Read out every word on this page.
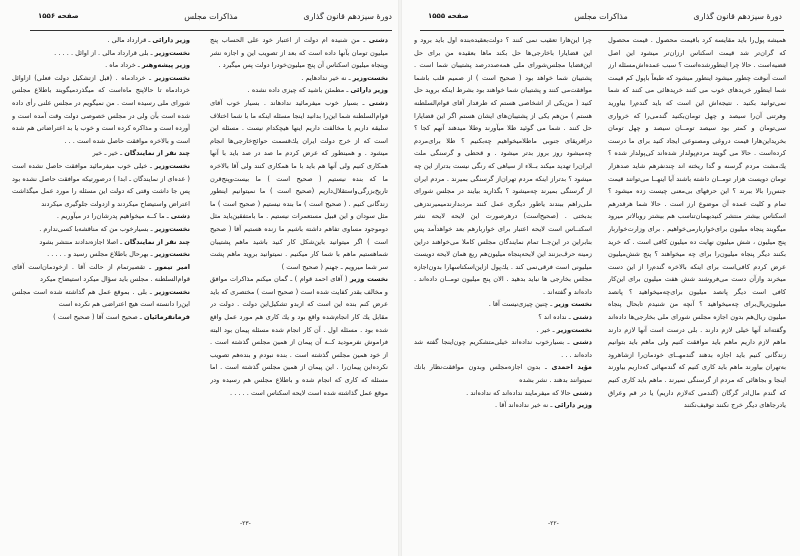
دورهٔ سیزدهم قانون گذاری
مذاکرات مجلس
صفحه ۱۵۵۶

دشتی ـ من شنیده ام دولت از اعتبار خود علی الحساب پنج میلیون تومان بآنها داده است که بعد از تصویب این و اجازه نشر وپنجاه میلیون اسکناس آن پنج میلیون‌خودرا دولت پس میگیرد .

نخست‌وزیر ـ نه خیر ندادهایم .

وزیر دارائی ـ مطمئن باشید که چیزی داده نشده .

دشتی ـ بسیار خوب میفرمائید ندادهاند . بسیار خوب آقای قوام‌السلطنه شما این‌را بدانید اینجا مسئله اینکه ما با شما اختلاف سلیقه داریم یا مخالفت داریم اینها هیچکدام نیست . مسئله این است که از خرج دولت ایران یك‌قسمت حوائج‌خارجی‌ها انجام میشود . و همینطور که عرض کردم ما صد در صد باید با آنها همکاری کنیم ولی آنها هم باید با ما همکاری کنند ولی آقا بالاخره ما که بنده نیستیم ( صحیح است ) ما بیست‌وپنج‌قرن تاریخ‌بزرگی‌واستقلال‌داریم (صحیح است ) ما نمیتوانیم اینطور زندگانی کنیم . ( صحیح است ) ما بنده نیستیم ( صحیح است ) ما مثل سودان و این قبیل مستعمرات نیستیم . ما بامتفقین‌باید مثل دوموجود مساوی تفاهم داشته باشیم ما زنده هستیم آقا ( صحیح است ) اگر میتوانید باین‌شکل کار کنید باشید ماهم پشتیبان شماهستیم ماهم با شما کار میکنیم . نمیتوانید بروید ماهم پشت سر شما میرویم ـ جهنم ( صحیح است )

نخست وزیر ( آقای احمد قوام ) ـ گمان میکنم مذاکرات موافق و مخالف بقدر کفایت شده است ( صحیح است ) مختصری که باید عرض کنم بنده این است که ازبدو تشکیل‌این دولت . دولت در مقابل یك کار انجام‌شده واقع بود و یك کاری هم مورد عمل واقع شده بود . مسئله اول . آن کار انجام شده مسئله پیمان بود البته فراموش نفرمودید کــه آن پیمان از همین مجلس گذشته است . از خود همین مجلس گذشته است . بنده نبودم و بنده‌هم تصویب نکرده‌این پیمان‌را . این پیمان از همین مجلس گذشته است . اما مسئله که کاری که انجام شده و باطلاع مجلس هم رسیده ودر موقع عمل گذاشته شده است لایحه اسکناس است . . . . .

وزیر دارائی ـ قرارداد مالی .

نخست‌وزیر ـ بلی قرارداد مالی . از اوائل . . . . .

وزیر پیشه‌وهنر ـ خرداد ماه .

نخست‌وزیر ـ خردادماه . (قبل ازتشکیل دولت فعلی) ازاوائل خردادماه تا حالاپنج ماه‌است که میگذرد‌میگویند باطلاع مجلس شورای ملی رسیده است . من نمیگویم در مجلس علنی رأی داده شده است بآن ولی در مجلس خصوصی دولت وقت آمده است و آورده است و مذاکره کرده است و خوب یا بد اعتراضاتی هم شده است و بالاخره موافقت حاصل شده است . . .

چند نفر از نمایندگان ـ خیر ـ خیر

نخست‌وزیر ـ خیلی خوب میفرمائید موافقت حاصل نشده است ( عده‌ای از نمایندگان ـ ابدا ) درصورتیکه موافقت حاصل نشده بود پس جا داشت وقتی که دولت این مسئله را مورد عمل میگذاشت اعتراض واستیضاح میکردند و ازدولت جلوگیری میکردند

دشتی ـ ما کــه میخواهیم پدرشان‌را در میآوریم .

نخست‌وزیر ـ بسیارخوب من که مناقشه‌با کسی‌ندارم .

چند نفر از نمایندگان ـ اصلا اجازه‌ندادند منتشر بشود

نخست‌وزیر ـ بهرحال باطلاع مجلس رسید و . . . . .

امیر تیمور ـ تقصیرتمام از حالت آقا . ازخودمان‌است آقای قوام‌السلطنه . مجلس باید سؤال میکرد استیضاح میکرد

نخست‌وزیر ـ بلی . بموقع عمل هم گذاشته شده است مجلس این‌را دانسته است هیچ اعتراضی هم نکرده است

فرمانفرمائیان ـ صحیح است آقا ( صحیح است )

-۲۳-
دورهٔ سیزدهم قانون گذاری
مذاکرات مجلس
صفحه ۱۵۵۵

همیشه پول‌را باید مقایسه کرد باقیمت محصول . قیمت محصول که گران‌تر شد قیمت اسکناس ارزان‌تر میشود این اصل قضیه‌است . حالا چرا اینطورشده‌است ؟ سبب عمده‌اش‌مسئله ارز است آنوقت چطور میشود اینطور میشود که طبعاً باپول کم قیمت شما اینطور خریدهای خوب می کنند خریدهائی می کنند که شما نمی‌توانید بکنید . نتیجه‌اش این است که باید گندم‌را بیاورید وهرتنی آن‌را سیصد و چهل تومان‌بکنید گندمی‌را که خرواری سی‌تومان و کمتر بود سیصد تومــان سیصد و چهل تومان بخرید‌این‌هارا قیمت دروغی ومصنوعی ایجاد کنید برای ما درست کرده‌است . حالا می گویند مردم‌پولدار شده‌اند کی‌پولدار شده ؟ یك‌مشت مردم گرسنه و گدا ریخته اند چندنفرهم شاید صدهزار تومان دویست هزار تومــان داشته باشند آیا اینهــا می‌توانند قیمت جنس‌را بالا ببرند ؟ این حرفهای بی‌معنی چیست زده میشود ؟ تمام و کلیت عمده آن موضوع ارز است . حالا شما هرقدرهم اسکناس بیشتر منتشر کنید‌بهمان‌تناسب هم بیشتر روبالاتر میرود میگویند پنجاه میلیون برای‌خواربارمی‌خواهیم . برای وزارت‌خواربار پنج میلیون ، شش میلیون نهایت ده میلیون کافی است . که خرید بکنند دیگر پنجاه میلیون‌را برای چه میخواهند ؟ پنج شش‌میلیون عرض کردم کافی‌است برای اینکه بالاخره گندم‌را از این دست میخرند واز‌آن دست می‌فروشند شش هفت میلیون برای این‌کار کافی است دیگر پانصد میلیون برای‌چه‌میخواهید ؟ پانصد میلیون‌ریال‌برای چه‌میخواهید ؟ آنچه من شنیدم تابحال پنجاه میلیون ریال‌هم بدون اجازه مجلس شورای ملی بخارجی‌ها داده‌اند وگفته‌اند آنها خیلی لازم دارند . بلی درست است آنها لازم دارند ماهم لازم داریم ماهم باید موافقت کنیم ولی ماهم باید بتوانیم زندگانی کنیم باید اجازه بدهند گندمهــای خودمان‌را ازشاهرود به‌تهران بیاورند ماهم باید کاری کنیم که گندمهائی که‌داریم بیاورند اینجا و بجاهائی که مردم از گرسنگی نمیرند . ماهم باید کاری کنیم که گندم مال‌ادر گرگان (گندمی که‌لازم داریم) یا در قم وعراق یادرجاهای دیگر خرج نکنند توقیف‌نکنند

چرا این‌هارا تعقیب نمی کنند ؟ دولت‌بعقیده‌بنده اول باید برود و این قضایارا باخارجی‌ها حل بکند ماها بعقیده من برای حل این‌قضایا مجلس‌شورای ملی همه‌صددرصد پشتیبان شما است . پشتیبان شما خواهد بود ( صحیح است ) از صمیم قلب باشما موافقت‌می کنند و پشتیبان شما خواهند بود بشرط اینکه بروید حل کنید ( من‌یکی از اشخاصی هستم که طرفدار آقای قوام‌السلطنه هستم ) من‌هم یکی از پشتیبان‌های ایشان هستم اگر این قضایارا حل کنند . شما می گوئید طلا میآورند وطلا میدهند آنهم کجا ؟ درافریقای جنوبی ماطلامیخواهیم چه‌بکنیم ؟ طلا برای‌مردم چه‌میشود روز بروز بدتر میشود . و قحطی و گرسنگی ملت ایران‌را تهدید میکند بــلاء از سیاهی که رنگی نیست بدتراز این چه میشود ؟ بدتراز اینکه مردم تهران‌از گرسنگی بمیرند . مردم ایران از گرسنگی بمیرند چه‌میشود ؟ بگذارید بیایند در مجلس شورای ملی‌راهم ببندند یاطور دیگری عمل کنند مردبدارند‌میمیرند‌زهی بدبختی . (صحیح‌است) درهرصورت این لایحه لایحه نشر اسکنــاس است لایحه اعتبار برای خواربارهم بعد خواهدآمد پس بنابراین در این‌جــا تمام نمایندگان مجلس کاملا می‌خواهند دراین زمینه حرف‌بزنند این لایحه‌پنجاه میلیون‌هم ربع همان لایحه دویست میلیونی است فرقی‌نمی کند . یك‌پول از‌این‌اسکناسهارا بدون‌اجازه مجلس بخارجی ها نباید بدهید . الان پنج میلیون تومــان داده‌اند . داده‌اند و گفته‌اند .

نخست وزیر ـ چنین چیزی‌نیست آقا .

دشتی ـ نداده اند ؟

نخست‌وزیر ـ خیر .

دشتی ـ بسیارخوب نداده‌اند خیلی‌متشکریم چون‌اینجا گفته شد داده‌اند . . .

مؤید احمدی ـ بدون اجازه‌مجلس وبدون موافقت‌نظار بانك نمیتوانند بدهند . نشر بشده

دشتی حالا که میفرمایند نداده‌اند که نداده‌اند .

وزیر دارائی ـ نه خیر نداده‌اند آقا .

-۲۲-
